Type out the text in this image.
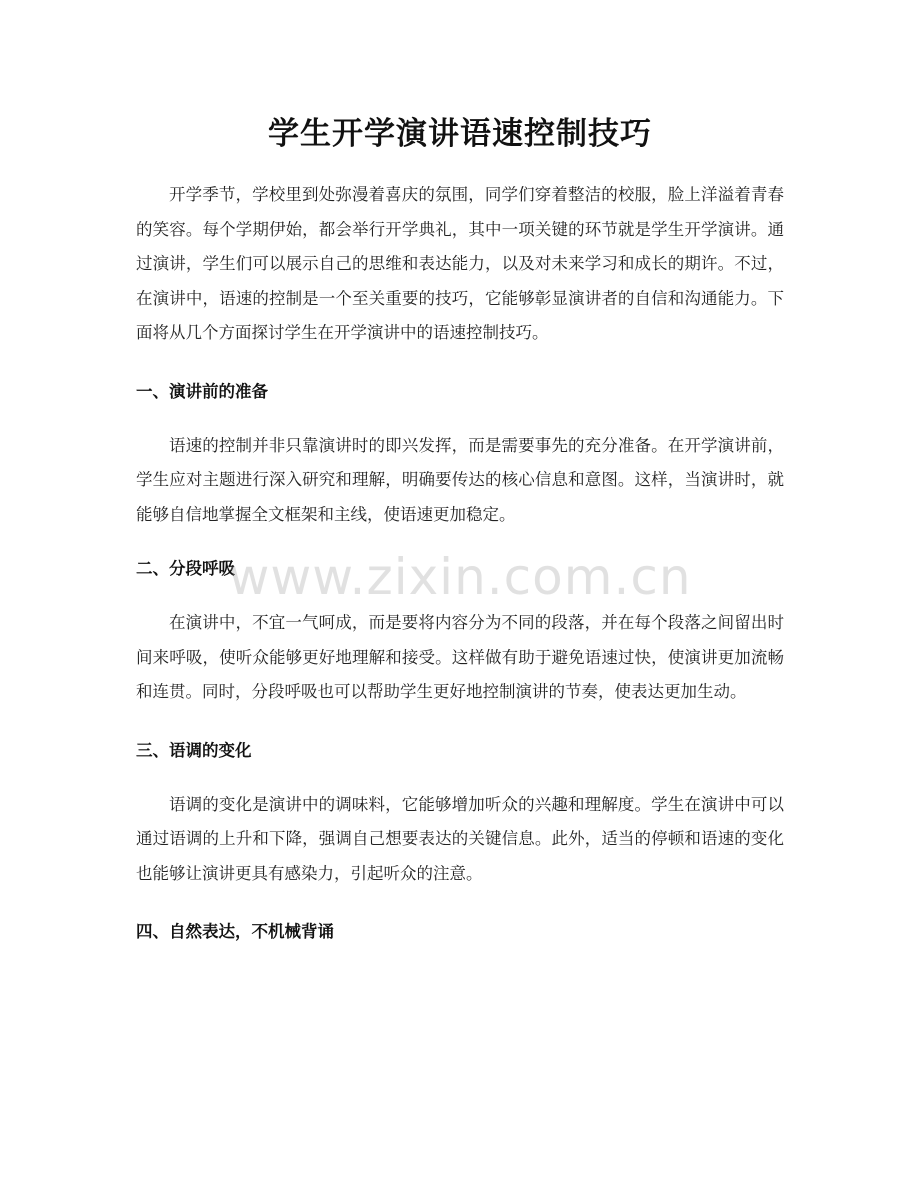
学生开学演讲语速控制技巧

开学季节，学校里到处弥漫着喜庆的氛围，同学们穿着整洁的校服，脸上洋溢着青春的笑容。每个学期伊始，都会举行开学典礼，其中一项关键的环节就是学生开学演讲。通过演讲，学生们可以展示自己的思维和表达能力，以及对未来学习和成长的期许。不过，在演讲中，语速的控制是一个至关重要的技巧，它能够彰显演讲者的自信和沟通能力。下面将从几个方面探讨学生在开学演讲中的语速控制技巧。

一、演讲前的准备

语速的控制并非只靠演讲时的即兴发挥，而是需要事先的充分准备。在开学演讲前，学生应对主题进行深入研究和理解，明确要传达的核心信息和意图。这样，当演讲时，就能够自信地掌握全文框架和主线，使语速更加稳定。

二、分段呼吸

在演讲中，不宜一气呵成，而是要将内容分为不同的段落，并在每个段落之间留出时间来呼吸，使听众能够更好地理解和接受。这样做有助于避免语速过快，使演讲更加流畅和连贯。同时，分段呼吸也可以帮助学生更好地控制演讲的节奏，使表达更加生动。

三、语调的变化

语调的变化是演讲中的调味料，它能够增加听众的兴趣和理解度。学生在演讲中可以通过语调的上升和下降，强调自己想要表达的关键信息。此外，适当的停顿和语速的变化也能够让演讲更具有感染力，引起听众的注意。

四、自然表达，不机械背诵
www.zixin.com.cn
